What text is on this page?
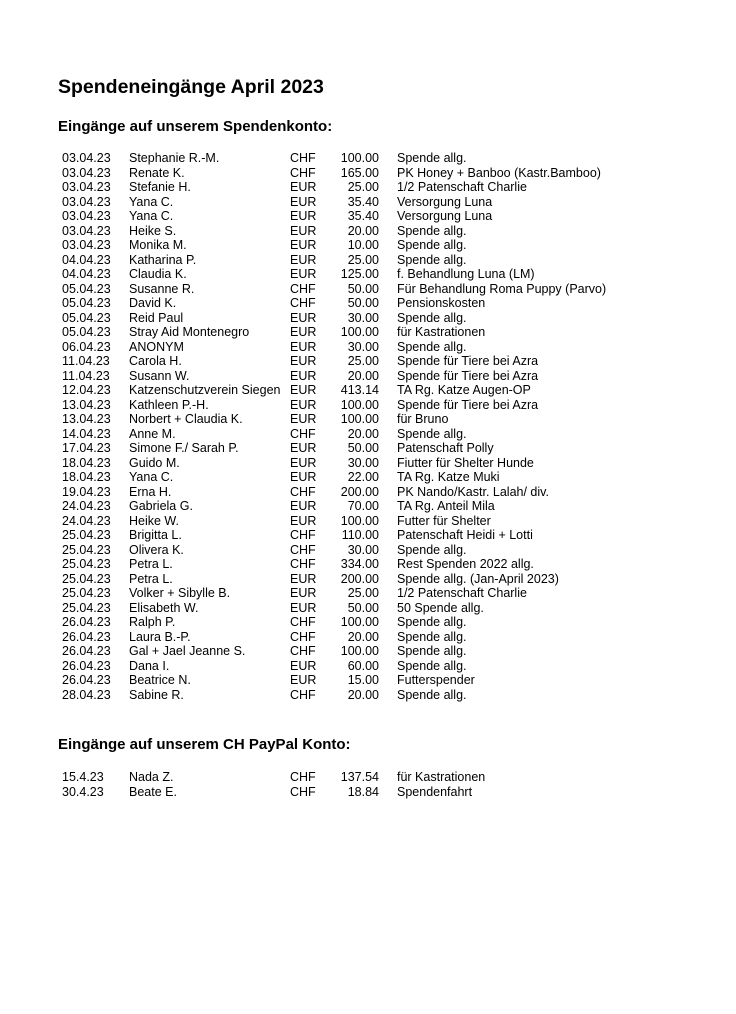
Spendeneingänge April 2023
Eingänge auf unserem Spendenkonto:
03.04.23	Stephanie R.-M.	CHF	100.00	Spende allg.
03.04.23	Renate K.	CHF	165.00	PK Honey + Banboo (Kastr.Bamboo)
03.04.23	Stefanie H.	EUR	25.00	1/2 Patenschaft Charlie
03.04.23	Yana C.	EUR	35.40	Versorgung Luna
03.04.23	Yana C.	EUR	35.40	Versorgung Luna
03.04.23	Heike S.	EUR	20.00	Spende allg.
03.04.23	Monika M.	EUR	10.00	Spende allg.
04.04.23	Katharina P.	EUR	25.00	Spende allg.
04.04.23	Claudia K.	EUR	125.00	f. Behandlung Luna (LM)
05.04.23	Susanne R.	CHF	50.00	Für Behandlung Roma Puppy (Parvo)
05.04.23	David K.	CHF	50.00	Pensionskosten
05.04.23	Reid Paul	EUR	30.00	Spende allg.
05.04.23	Stray Aid Montenegro	EUR	100.00	für Kastrationen
06.04.23	ANONYM	EUR	30.00	Spende allg.
11.04.23	Carola H.	EUR	25.00	Spende für Tiere bei Azra
11.04.23	Susann W.	EUR	20.00	Spende für Tiere bei Azra
12.04.23	Katzenschutzverein Siegen	EUR	413.14	TA Rg. Katze Augen-OP
13.04.23	Kathleen P.-H.	EUR	100.00	Spende für Tiere bei Azra
13.04.23	Norbert + Claudia K.	EUR	100.00	für Bruno
14.04.23	Anne M.	CHF	20.00	Spende allg.
17.04.23	Simone F./ Sarah P.	EUR	50.00	Patenschaft Polly
18.04.23	Guido M.	EUR	30.00	Fiutter für Shelter Hunde
18.04.23	Yana C.	EUR	22.00	TA Rg. Katze Muki
19.04.23	Erna H.	CHF	200.00	PK Nando/Kastr. Lalah/ div.
24.04.23	Gabriela G.	EUR	70.00	TA Rg. Anteil Mila
24.04.23	Heike W.	EUR	100.00	Futter für Shelter
25.04.23	Brigitta L.	CHF	110.00	Patenschaft Heidi + Lotti
25.04.23	Olivera K.	CHF	30.00	Spende allg.
25.04.23	Petra L.	CHF	334.00	Rest Spenden 2022 allg.
25.04.23	Petra L.	EUR	200.00	Spende allg. (Jan-April 2023)
25.04.23	Volker + Sibylle B.	EUR	25.00	1/2 Patenschaft Charlie
25.04.23	Elisabeth W.	EUR	50.00	50 Spende allg.
26.04.23	Ralph P.	CHF	100.00	Spende allg.
26.04.23	Laura B.-P.	CHF	20.00	Spende allg.
26.04.23	Gal + Jael Jeanne S.	CHF	100.00	Spende allg.
26.04.23	Dana I.	EUR	60.00	Spende allg.
26.04.23	Beatrice N.	EUR	15.00	Futterspender
28.04.23	Sabine R.	CHF	20.00	Spende allg.
Eingänge auf unserem CH PayPal Konto:
15.4.23	Nada Z.	CHF	137.54	für Kastrationen
30.4.23	Beate E.	CHF	18.84	Spendenfahrt
